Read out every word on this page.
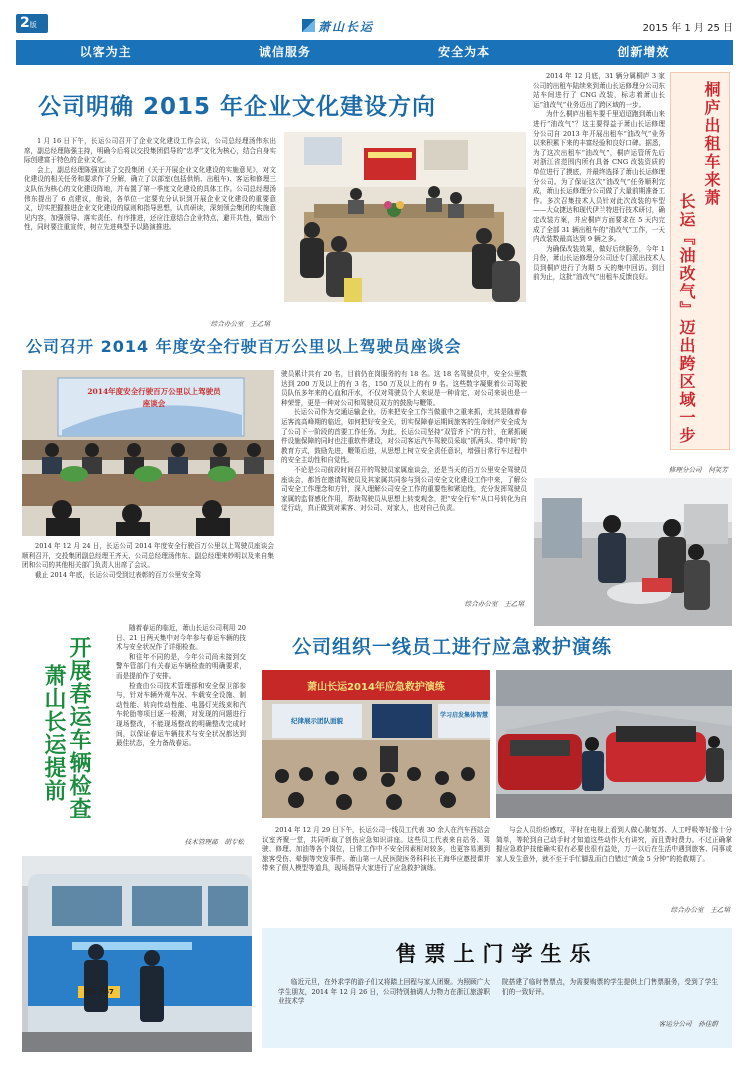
2版	萧山长运	2015 年 1 月 25 日
以客为主	诚信服务	安全为本	创新增效
公司明确 2015 年企业文化建设方向

1 月 16 日下午，长运公司召开了企业文化建设工作会议，公司总经理汤伟东出席，副总经理陈强主持，明确今后将以交投集团倡导的“忠孝”文化为核心，结合自身实际创建富于特色的企业文化。

会上，副总经理陈强宣读了交投集团《关于开展企业文化建设的实施意见》，对文化建设的相关任务和要求作了分解，确立了以部室(包括供销、出租车)、客运和修理三支队伍为核心的文化建设阵地，并布置了第一季度文化建设的具体工作。公司总经理汤伟东提出了 6 点建议，他说，各单位一定要充分认识到开展企业文化建设的重要意义，切实把握推进企业文化建设的原则和指导思想，认真研读，深刻领会集团的实施意见内容，加强领导、落实责任、有序推进，还应注意结合企业特点，避开共性，做出个性，同时要注重宣传，树立先进典型予以路演推进。

综合办公室　王乙珺
桐庐出租车来萧
长运『油改气』迈出跨区域一步

2014 年 12 月底，31 辆分属桐庐 3 家公司的出租车陆续来到萧山长运修理分公司东站车间进行了 CNG 改装，标志着萧山长运“油改气”业务迈出了跨区域的一步。

为什么桐庐出租车要千里迢迢跑到萧山来进行“油改气”？这主要得益于萧山长运修理分公司自 2013 年开展出租车“油改气”业务以来积累下来的丰富经验和良好口碑。据悉，为了这次出租车“油改气”，桐庐运管所先后对浙江省范围内所有具备 CNG 改装资质的单位进行了摸底，并最终选择了萧山长运修理分公司。为了保证这次“油改气”任务顺利完成，萧山长运修理分公司做了大量前期准备工作。多次召集技术人员针对此次改装的车型——大众捷达和现代伊兰特进行技术研讨，确定改装方案，并应桐庐方面要求在 5 天内完成了全部 31 辆出租车的“油改气”工作，一天内改装数最高达到 9 辆之多。

为确保改装效果，做好后续服务，今年 1 月份，萧山长运修理分公司还专门派出技术人员到桐庐进行了为期 5 天的集中回访。到目前为止，这批“油改气”出租车反馈良好。

修理分公司　何笑芳
公司召开 2014 年度安全行驶百万公里以上驾驶员座谈会
2014年度安全行驶百万公里以上驾驶员座谈会

2014 年 12 月 24 日，长运公司 2014 年度安全行驶百万公里以上驾驶员座谈会顺利召开，交投集团副总经理王齐天、公司总经理汤伟东、副总经理来妙明以及来自集团和公司的其他相关部门负责人出席了会议。

截止 2014 年底，长运公司受到过表彰的百万公里安全驾

驶员累计共有 20 名，目前仍在岗服务的有 18 名。这 18 名驾驶员中，安全公里数达到 200 万及以上的有 3 名，150 万及以上的有 9 名。这些数字凝聚着公司驾驶员队伍多年来的心血和汗水，不仅对驾驶员个人来说是一种肯定，对公司来说也是一种荣誉，更是一种对公司和驾驶员双方的鼓励与鞭策。

长运公司作为交通运输企业，历来把安全工作当做重中之重来抓，尤其是随着春运客流高峰期的临近，如何把好安全关，切实保障春运期间旅客的生命财产安全成为了公司下一阶段的首要工作任务。为此，长运公司坚持“双管齐下”的方针，在紧抓硬件设施保障的同时也注重软件建设，对公司客运汽车驾驶员采取“抓两头、带中间”的教育方式，鼓励先进，鞭策后进，从思想上树立安全责任意识，增强日常行车过程中的安全主动性和自觉性。

不论是公司前段时间召开的驾驶员家属座谈会，还是当天的百万公里安全驾驶员座谈会，都旨在邀请驾驶员及其家属共同参与到公司安全文化建设工作中来，了解公司安全工作理念和方针，深入理解公司安全工作的重要性和紧迫性，充分发挥驾驶员家属的监督感化作用，帮助驾驶员从思想上转变观念，把“安全行车”从口号转化为自觉行动，真正做到对乘客、对公司、对家人，也对自己负责。

综合办公室　王乙珺
开展春运车辆检查
萧山长运提前

随着春运的临近，萧山长运公司利用 20 日、21 日两天集中对今年参与春运车辆的技术与安全状况作了详细检查。

和往年不同的是，今年公司尚未接到交警车管部门有关春运车辆检查的明确要求，而是提前作了安排。

检查由公司技术管理部和安全保卫部参与，针对车辆外观车况、车载安全设施、制动性能、转向传动性能、电器灯光线束和汽车轮胎等项目逐一检测，对发现的问题进行现场整改，不能现场整改的明确整改完成时间，以保证春运车辆技术与安全状况都达到最佳状态，全力备战春运。

技术管理部　胡专松
浙A P67
公司组织一线员工进行应急救护演练
萧山长运2014年应急救护演练
纪律展示团队面貌
学习启发集体智慧

2014 年 12 月 29 日下午，长运公司一线员工代表 30 余人在汽车西站会议室齐聚一堂，共同听取了创伤应急知识讲座。这些员工代表来自站务、驾驶、修理、加油等各个岗位，日常工作中不安全因素相对较多，也更容易遇到旅客受伤、晕倒等突发事件。萧山第一人民医院医务科科长王海华应邀授课并带来了假人模型等道具，现场指导大家进行了应急救护演练。

与会人员纷纷感叹，平时在电视上看到人做心肺复苏、人工呼吸等好像十分简单，等轮到自己动手时才知道这些动作大有讲究，而且费时费力。不过正确掌握应急救护技能确实很有必要也很有益处，万一以后在生活中遇到旅客、同事或家人发生意外，就不至于手忙脚乱而白白错过“黄金 5 分钟”的抢救期了。

综合办公室　王乙珺
售票上门学生乐

临近元旦，在外求学的游子们又将踏上回程与家人团聚。为照顾广大学生朋友，2014 年 12 月 26 日，公司特别抽调人力物力在浙江旅游职业技术学

院搭建了临时售票点，为需要购票的学生提供上门售票服务，受到了学生们的一致好评。

客运分公司　孙佳蔚
